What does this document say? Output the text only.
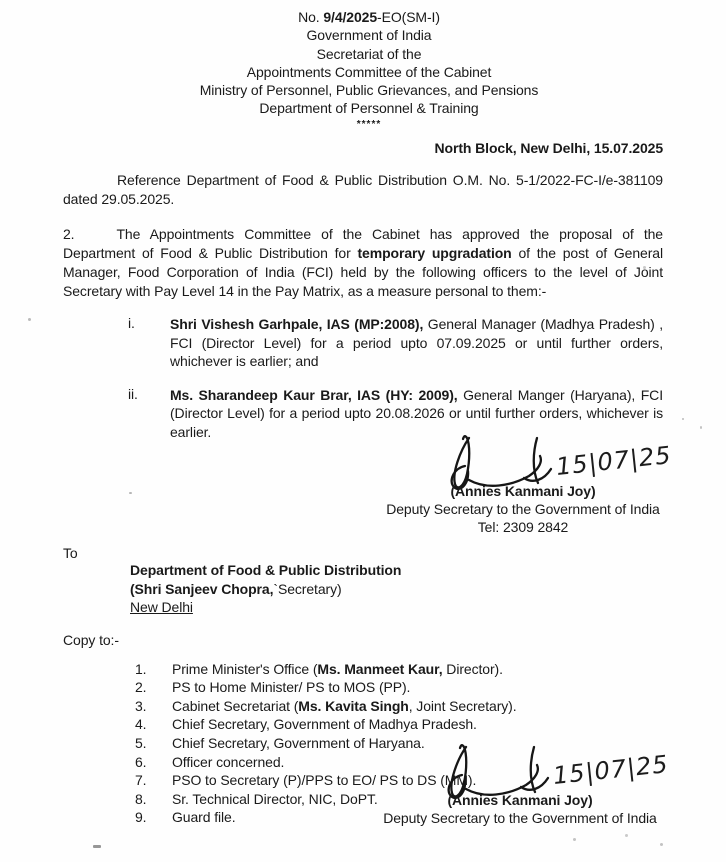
No. 9/4/2025-EO(SM-I)
Government of India
Secretariat of the
Appointments Committee of the Cabinet
Ministry of Personnel, Public Grievances, and Pensions
Department of Personnel & Training
*****
North Block, New Delhi, 15.07.2025

Reference Department of Food & Public Distribution O.M. No. 5-1/2022-FC-I/e-381109 dated 29.05.2025.

2.	The Appointments Committee of the Cabinet has approved the proposal of the Department of Food & Public Distribution for temporary upgradation of the post of General Manager, Food Corporation of India (FCI) held by the following officers to the level of Joint Secretary with Pay Level 14 in the Pay Matrix, as a measure personal to them:-

i.	Shri Vishesh Garhpale, IAS (MP:2008), General Manager (Madhya Pradesh) , FCI (Director Level) for a period upto 07.09.2025 or until further orders, whichever is earlier; and
ii.	Ms. Sharandeep Kaur Brar, IAS (HY: 2009), General Manger (Haryana), FCI (Director Level) for a period upto 20.08.2026 or until further orders, whichever is earlier.
15|07|25
(Annies Kanmani Joy)
Deputy Secretary to the Government of India
Tel: 2309 2842
To
Department of Food & Public Distribution
(Shri Sanjeev Chopra,`Secretary)
New Delhi
Copy to:-
1.	Prime Minister's Office (Ms. Manmeet Kaur, Director).
2.	PS to Home Minister/ PS to MOS (PP).
3.	Cabinet Secretariat (Ms. Kavita Singh, Joint Secretary).
4.	Chief Secretary, Government of Madhya Pradesh.
5.	Chief Secretary, Government of Haryana.
6.	Officer concerned.
7.	PSO to Secretary (P)/PPS to EO/ PS to DS (MM).
8.	Sr. Technical Director, NIC, DoPT.
9.	Guard file.
15|07|25
(Annies Kanmani Joy)
Deputy Secretary to the Government of India
